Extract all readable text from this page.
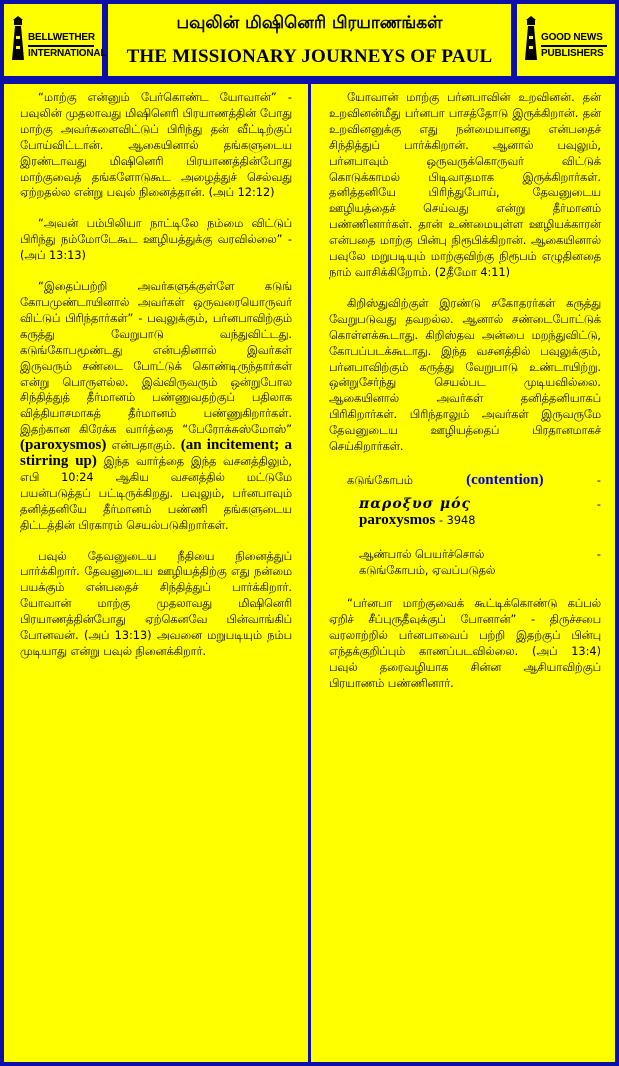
BELLWETHER
INTERNATIONAL
பவுலின் மிஷினெரி பிரயாணங்கள்
THE MISSIONARY JOURNEYS OF PAUL
GOOD NEWS
PUBLISHERS

“மாற்கு என்னும் பேர்கொண்ட யோவான்” - பவுலின் முதலாவது மிஷினெரி பிரயாணத்தின் போது மாற்கு அவர்களைவிட்டுப் பிரிந்து தன் வீட்டிற்குப் போய்விட்டான். ஆகையினால் தங்களுடைய இரண்டாவது மிஷினெரி பிரயாணத்தின்போது மாற்குவைத் தங்களோடுகூட அழைத்துச் செல்வது ஏற்றதல்ல என்று பவுல் நினைத்தான். (அப் 12:12)

“அவன் பம்பிலியா நாட்டிலே நம்மை விட்டுப் பிரிந்து நம்மோடேகூட ஊழியத்துக்கு வரவில்லை” - (அப் 13:13)

“இதைப்பற்றி அவர்களுக்குள்ளே கடுங் கோபமுண்டாயினால் அவர்கள் ஒருவரையொருவர் விட்டுப் பிரிந்தார்கள்” - பவுலுக்கும், பர்னபாவிற்கும் கருத்து வேறுபாடு வந்துவிட்டது. கடுங்கோபமூண்டது என்பதினால் இவர்கள் இருவரும் சண்டை போட்டுக் கொண்டிருந்தார்கள் என்று பொருளல்ல. இவ்விருவரும் ஒன்றுபோல சிந்தித்துத் தீர்மானம் பண்ணுவதற்குப் பதிலாக வித்தியாசமாகத் தீர்மானம் பண்ணுகிறார்கள். இதற்கான கிரேக்க வார்த்தை “பேரோக்சுஸ்மோஸ்” (paroxysmos) என்பதாகும். (an incitement; a stirring up) இந்த வார்த்தை இந்த வசனத்திலும், எபி 10:24 ஆகிய வசனத்தில் மட்டுமே பயன்படுத்தப் பட்டிருக்கிறது. பவுலும், பர்னபாவும் தனித்தனியே தீர்மானம் பண்ணி தங்களுடைய திட்டத்தின் பிரகாரம் செயல்படுகிறார்கள்.

பவுல் தேவனுடைய நீதியை நினைத்துப் பார்க்கிறார். தேவனுடைய ஊழியத்திற்கு எது நன்மை பயக்கும் என்பதைச் சிந்தித்துப் பார்க்கிறார். யோவான் மாற்கு முதலாவது மிஷினெரி பிரயாணத்தின்போது ஏற்கெனவே பின்வாங்கிப் போனவன். (அப் 13:13) அவனை மறுபடியும் நம்ப முடியாது என்று பவுல் நினைக்கிறார்.

யோவான் மாற்கு பர்னபாவின் உறவினன். தன் உறவினன்மீது பர்னபா பாசத்தோடு இருக்கிறான். தன் உறவினனுக்கு எது நன்மையானது என்பதைச் சிந்தித்துப் பார்க்கிறான். ஆனால் பவுலும், பர்னபாவும் ஒருவருக்கொருவர் விட்டுக் கொடுக்காமல் பிடிவாதமாக இருக்கிறார்கள். தனித்தனியே பிரிந்துபோய், தேவனுடைய ஊழியத்தைச் செய்வது என்று தீர்மானம் பண்ணினார்கள். தான் உண்மையுள்ள ஊழியக்காரன் என்பதை மாற்கு பின்பு நிரூபிக்கிறான். ஆகையினால் பவுலே மறுபடியும் மாற்குவிற்கு நிரூபம் எழுதினதை நாம் வாசிக்கிறோம். (2தீமோ 4:11)

கிறிஸ்துவிற்குள் இரண்டு சகோதரர்கள் கருத்து வேறுபடுவது தவறல்ல. ஆனால் சண்டைபோட்டுக் கொள்ளக்கூடாது. கிறிஸ்தவ அன்பை மறந்துவிட்டு, கோபப்படக்கூடாது. இந்த வசனத்தில் பவுலுக்கும், பர்னபாவிற்கும் கருத்து வேறுபாடு உண்டாயிற்று. ஒன்றுசேர்ந்து செயல்பட முடியவில்லை. ஆகையினால் அவர்கள் தனித்தனியாகப் பிரிகிறார்கள். பிரிந்தாலும் அவர்கள் இருவருமே தேவனுடைய ஊழியத்தைப் பிரதானமாகச் செய்கிறார்கள்.

கடுங்கோபம்	(contention)	-

παροξυσ μός	-
paroxysmos - 3948

ஆண்பால் பெயர்ச்சொல்	-
கடுங்கோபம், ஏவப்படுதல்

“பர்னபா மாற்குவைக் கூட்டிக்கொண்டு கப்பல் ஏறிச் சீப்புருதீவுக்குப் போனான்” - திருச்சபை வரலாற்றில் பர்னபாவைப் பற்றி இதற்குப் பின்பு எந்தக்குறிப்பும் காணப்படவில்லை. (அப் 13:4) பவுல் தரைவழியாக சின்ன ஆசியாவிற்குப் பிரயாணம் பண்ணினார்.
